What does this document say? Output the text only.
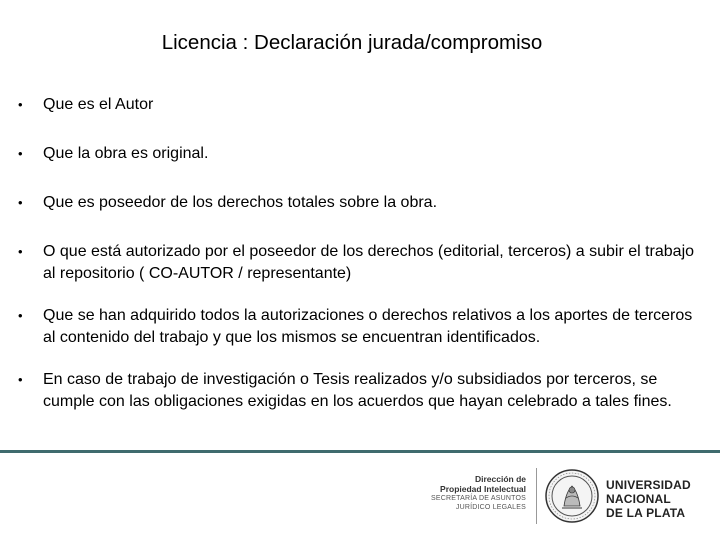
Licencia : Declaración jurada/compromiso
• Que es el Autor
• Que la obra es original.
• Que es poseedor de los derechos totales sobre la obra.
• O que está autorizado por el poseedor de los derechos (editorial, terceros) a subir el trabajo al repositorio ( CO-AUTOR / representante)
• Que se han adquirido todos la autorizaciones o derechos relativos a los aportes de terceros al contenido del trabajo y que los mismos se encuentran identificados.
• En caso de trabajo de investigación o Tesis realizados y/o subsidiados por terceros, se cumple con las obligaciones exigidas en los acuerdos que hayan celebrado a tales fines.
Dirección de
Propiedad Intelectual
SECRETARÍA DE ASUNTOS
JURÍDICO LEGALES
UNIVERSIDAD
NACIONAL
DE LA PLATA
